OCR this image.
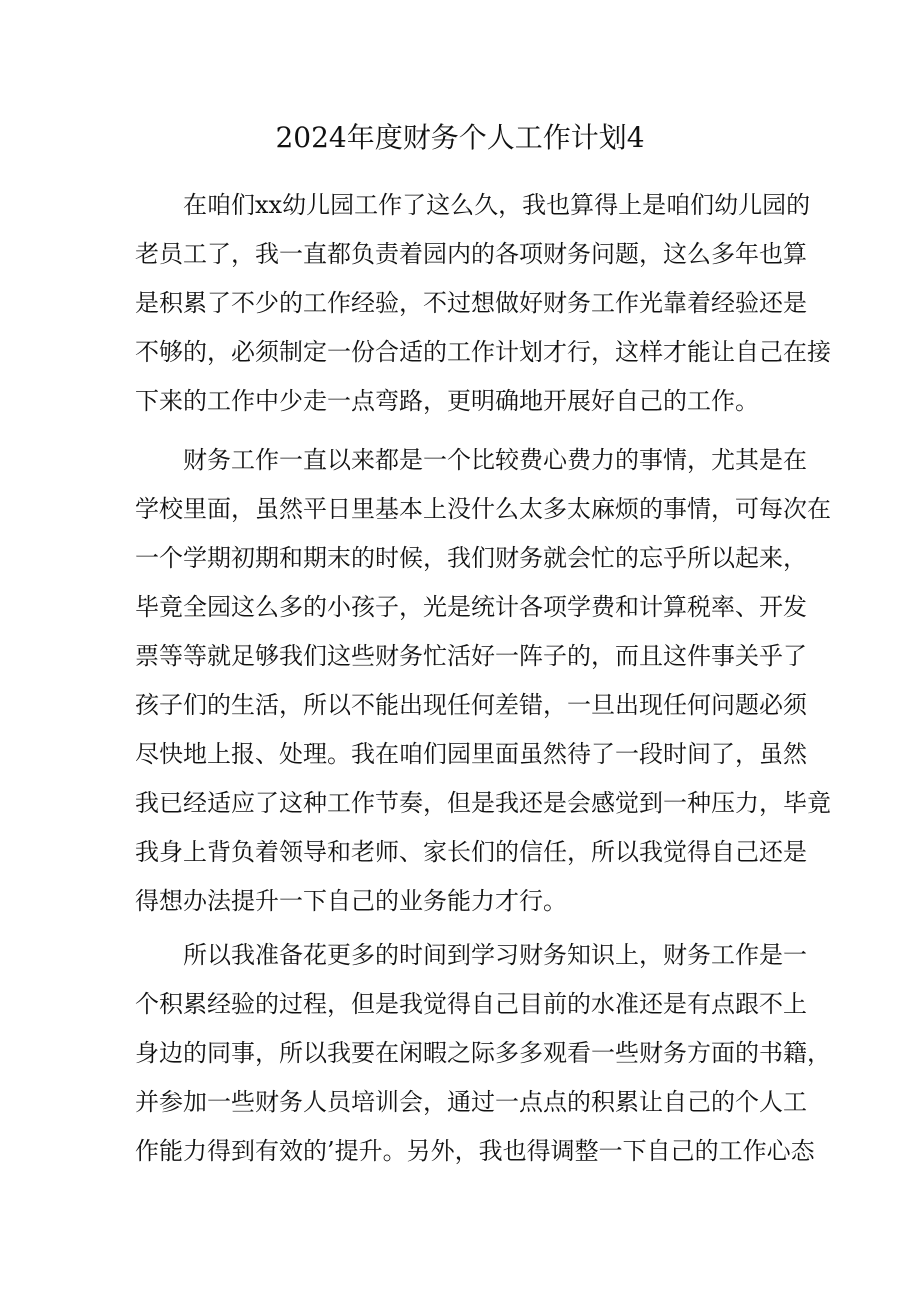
2024年度财务个人工作计划4
在咱们xx幼儿园工作了这么久，我也算得上是咱们幼儿园的
老员工了，我一直都负责着园内的各项财务问题，这么多年也算
是积累了不少的工作经验，不过想做好财务工作光靠着经验还是
不够的，必须制定一份合适的工作计划才行，这样才能让自己在接
下来的工作中少走一点弯路，更明确地开展好自己的工作。
财务工作一直以来都是一个比较费心费力的事情，尤其是在
学校里面，虽然平日里基本上没什么太多太麻烦的事情，可每次在
一个学期初期和期末的时候，我们财务就会忙的忘乎所以起来，
毕竟全园这么多的小孩子，光是统计各项学费和计算税率、开发
票等等就足够我们这些财务忙活好一阵子的，而且这件事关乎了
孩子们的生活，所以不能出现任何差错，一旦出现任何问题必须
尽快地上报、处理。我在咱们园里面虽然待了一段时间了，虽然
我已经适应了这种工作节奏，但是我还是会感觉到一种压力，毕竟
我身上背负着领导和老师、家长们的信任，所以我觉得自己还是
得想办法提升一下自己的业务能力才行。
所以我准备花更多的时间到学习财务知识上，财务工作是一
个积累经验的过程，但是我觉得自己目前的水准还是有点跟不上
身边的同事，所以我要在闲暇之际多多观看一些财务方面的书籍，
并参加一些财务人员培训会，通过一点点的积累让自己的个人工
作能力得到有效的’提升。另外，我也得调整一下自己的工作心态
